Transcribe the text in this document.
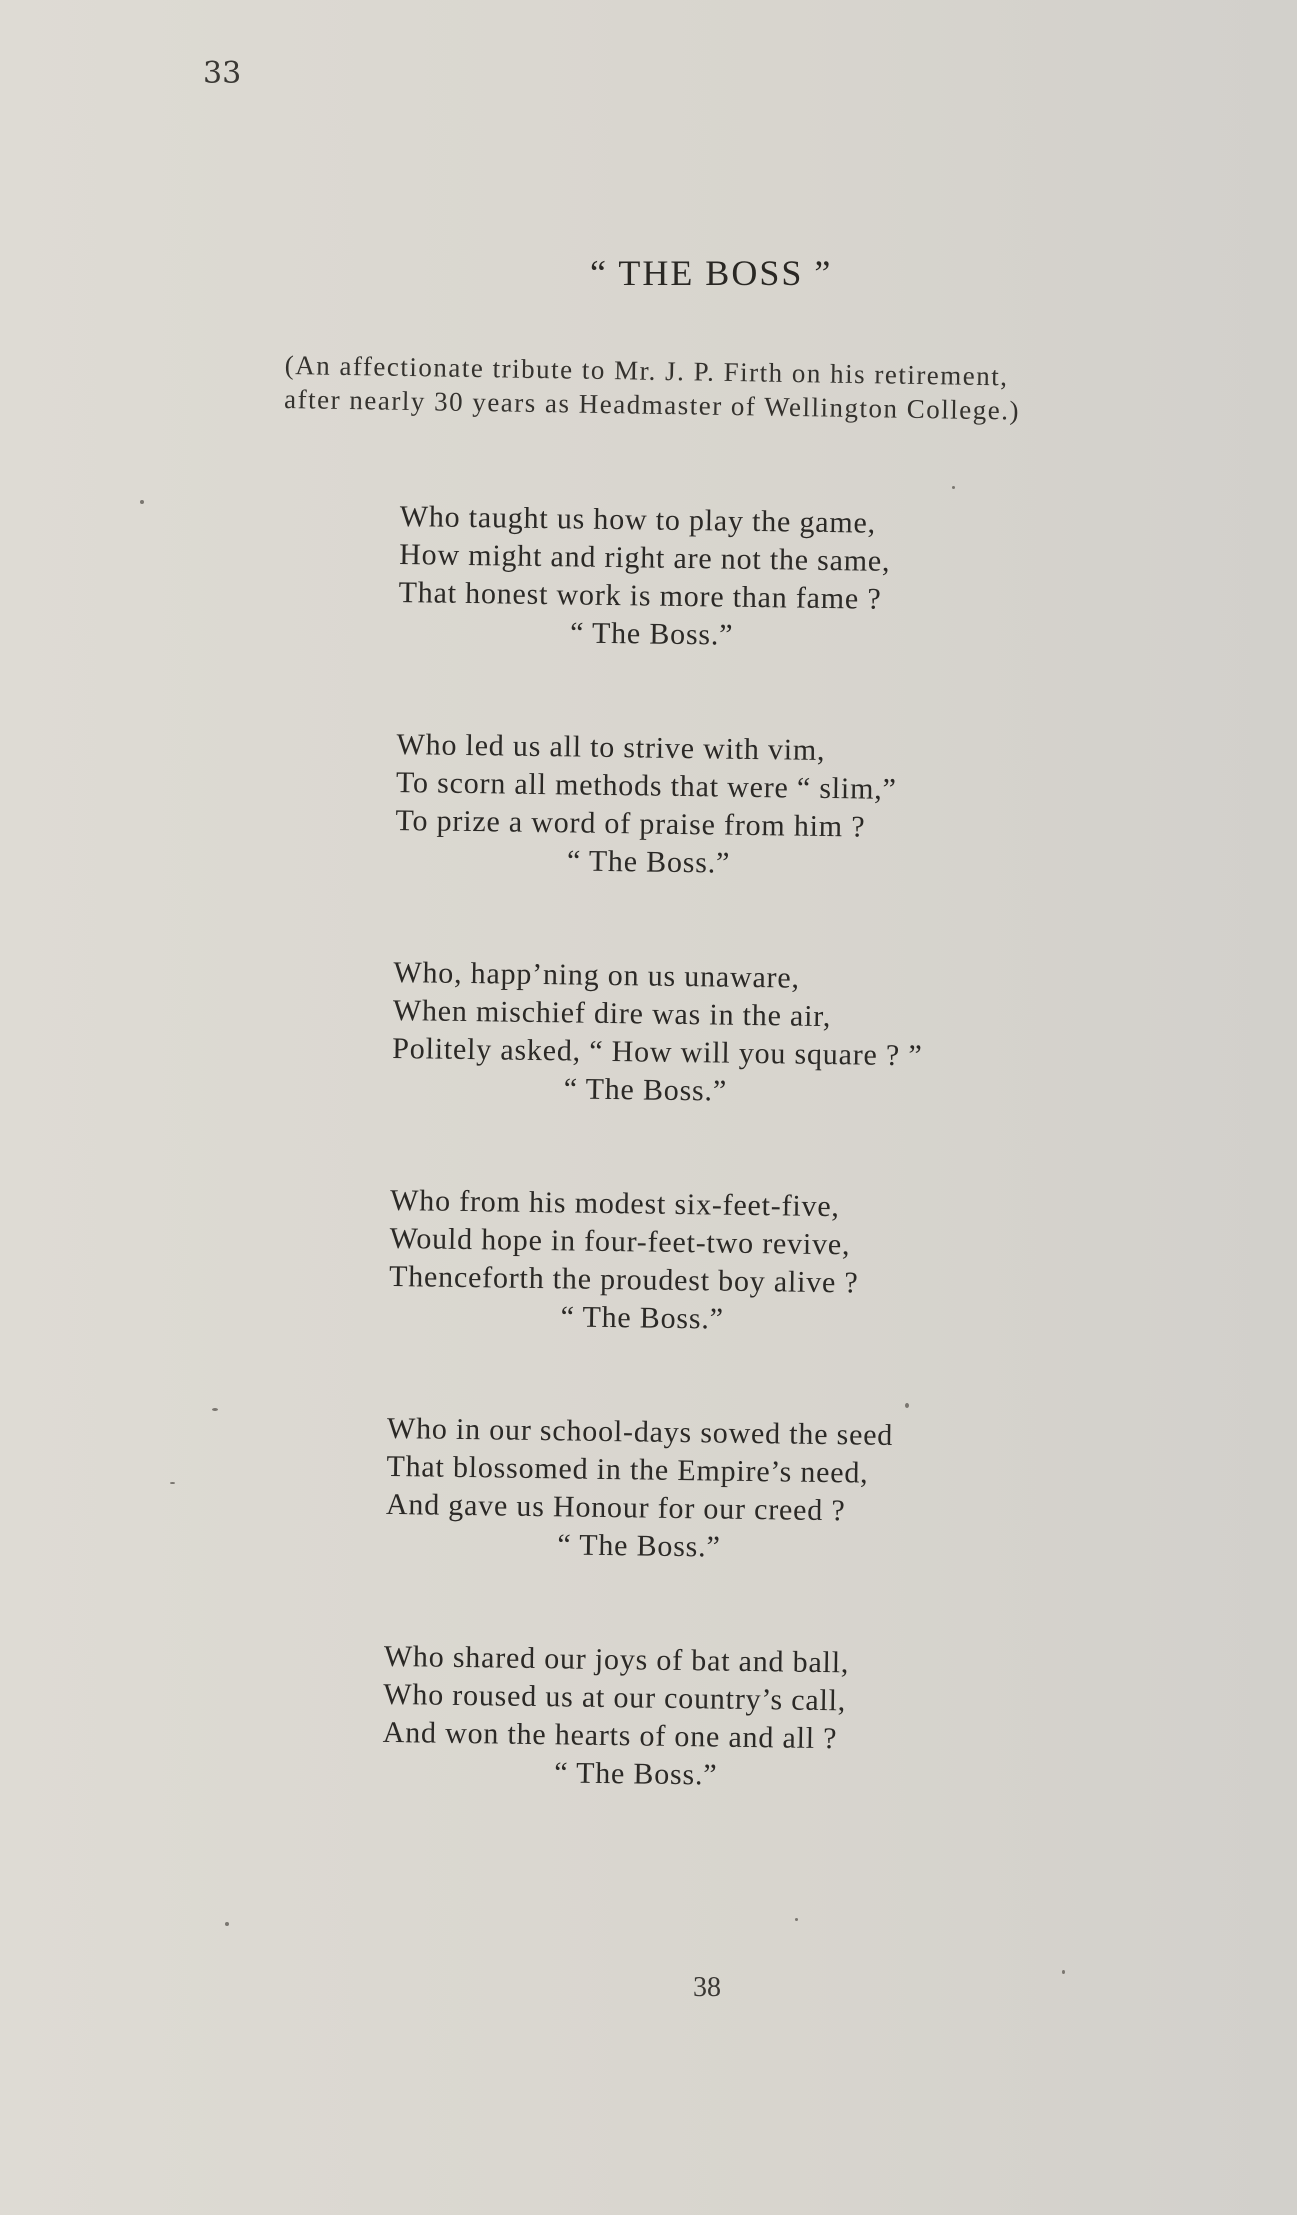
33
“ THE BOSS ”
(An affectionate tribute to Mr. J. P. Firth on his retirement,
after nearly 30 years as Headmaster of Wellington College.)
Who taught us how to play the game,
How might and right are not the same,
That honest work is more than fame ?
“ The Boss.”
Who led us all to strive with vim,
To scorn all methods that were “ slim,”
To prize a word of praise from him ?
“ The Boss.”
Who, happ’ning on us unaware,
When mischief dire was in the air,
Politely asked, “ How will you square ? ”
“ The Boss.”
Who from his modest six-feet-five,
Would hope in four-feet-two revive,
Thenceforth the proudest boy alive ?
“ The Boss.”
Who in our school-days sowed the seed
That blossomed in the Empire’s need,
And gave us Honour for our creed ?
“ The Boss.”
Who shared our joys of bat and ball,
Who roused us at our country’s call,
And won the hearts of one and all ?
“ The Boss.”
38
